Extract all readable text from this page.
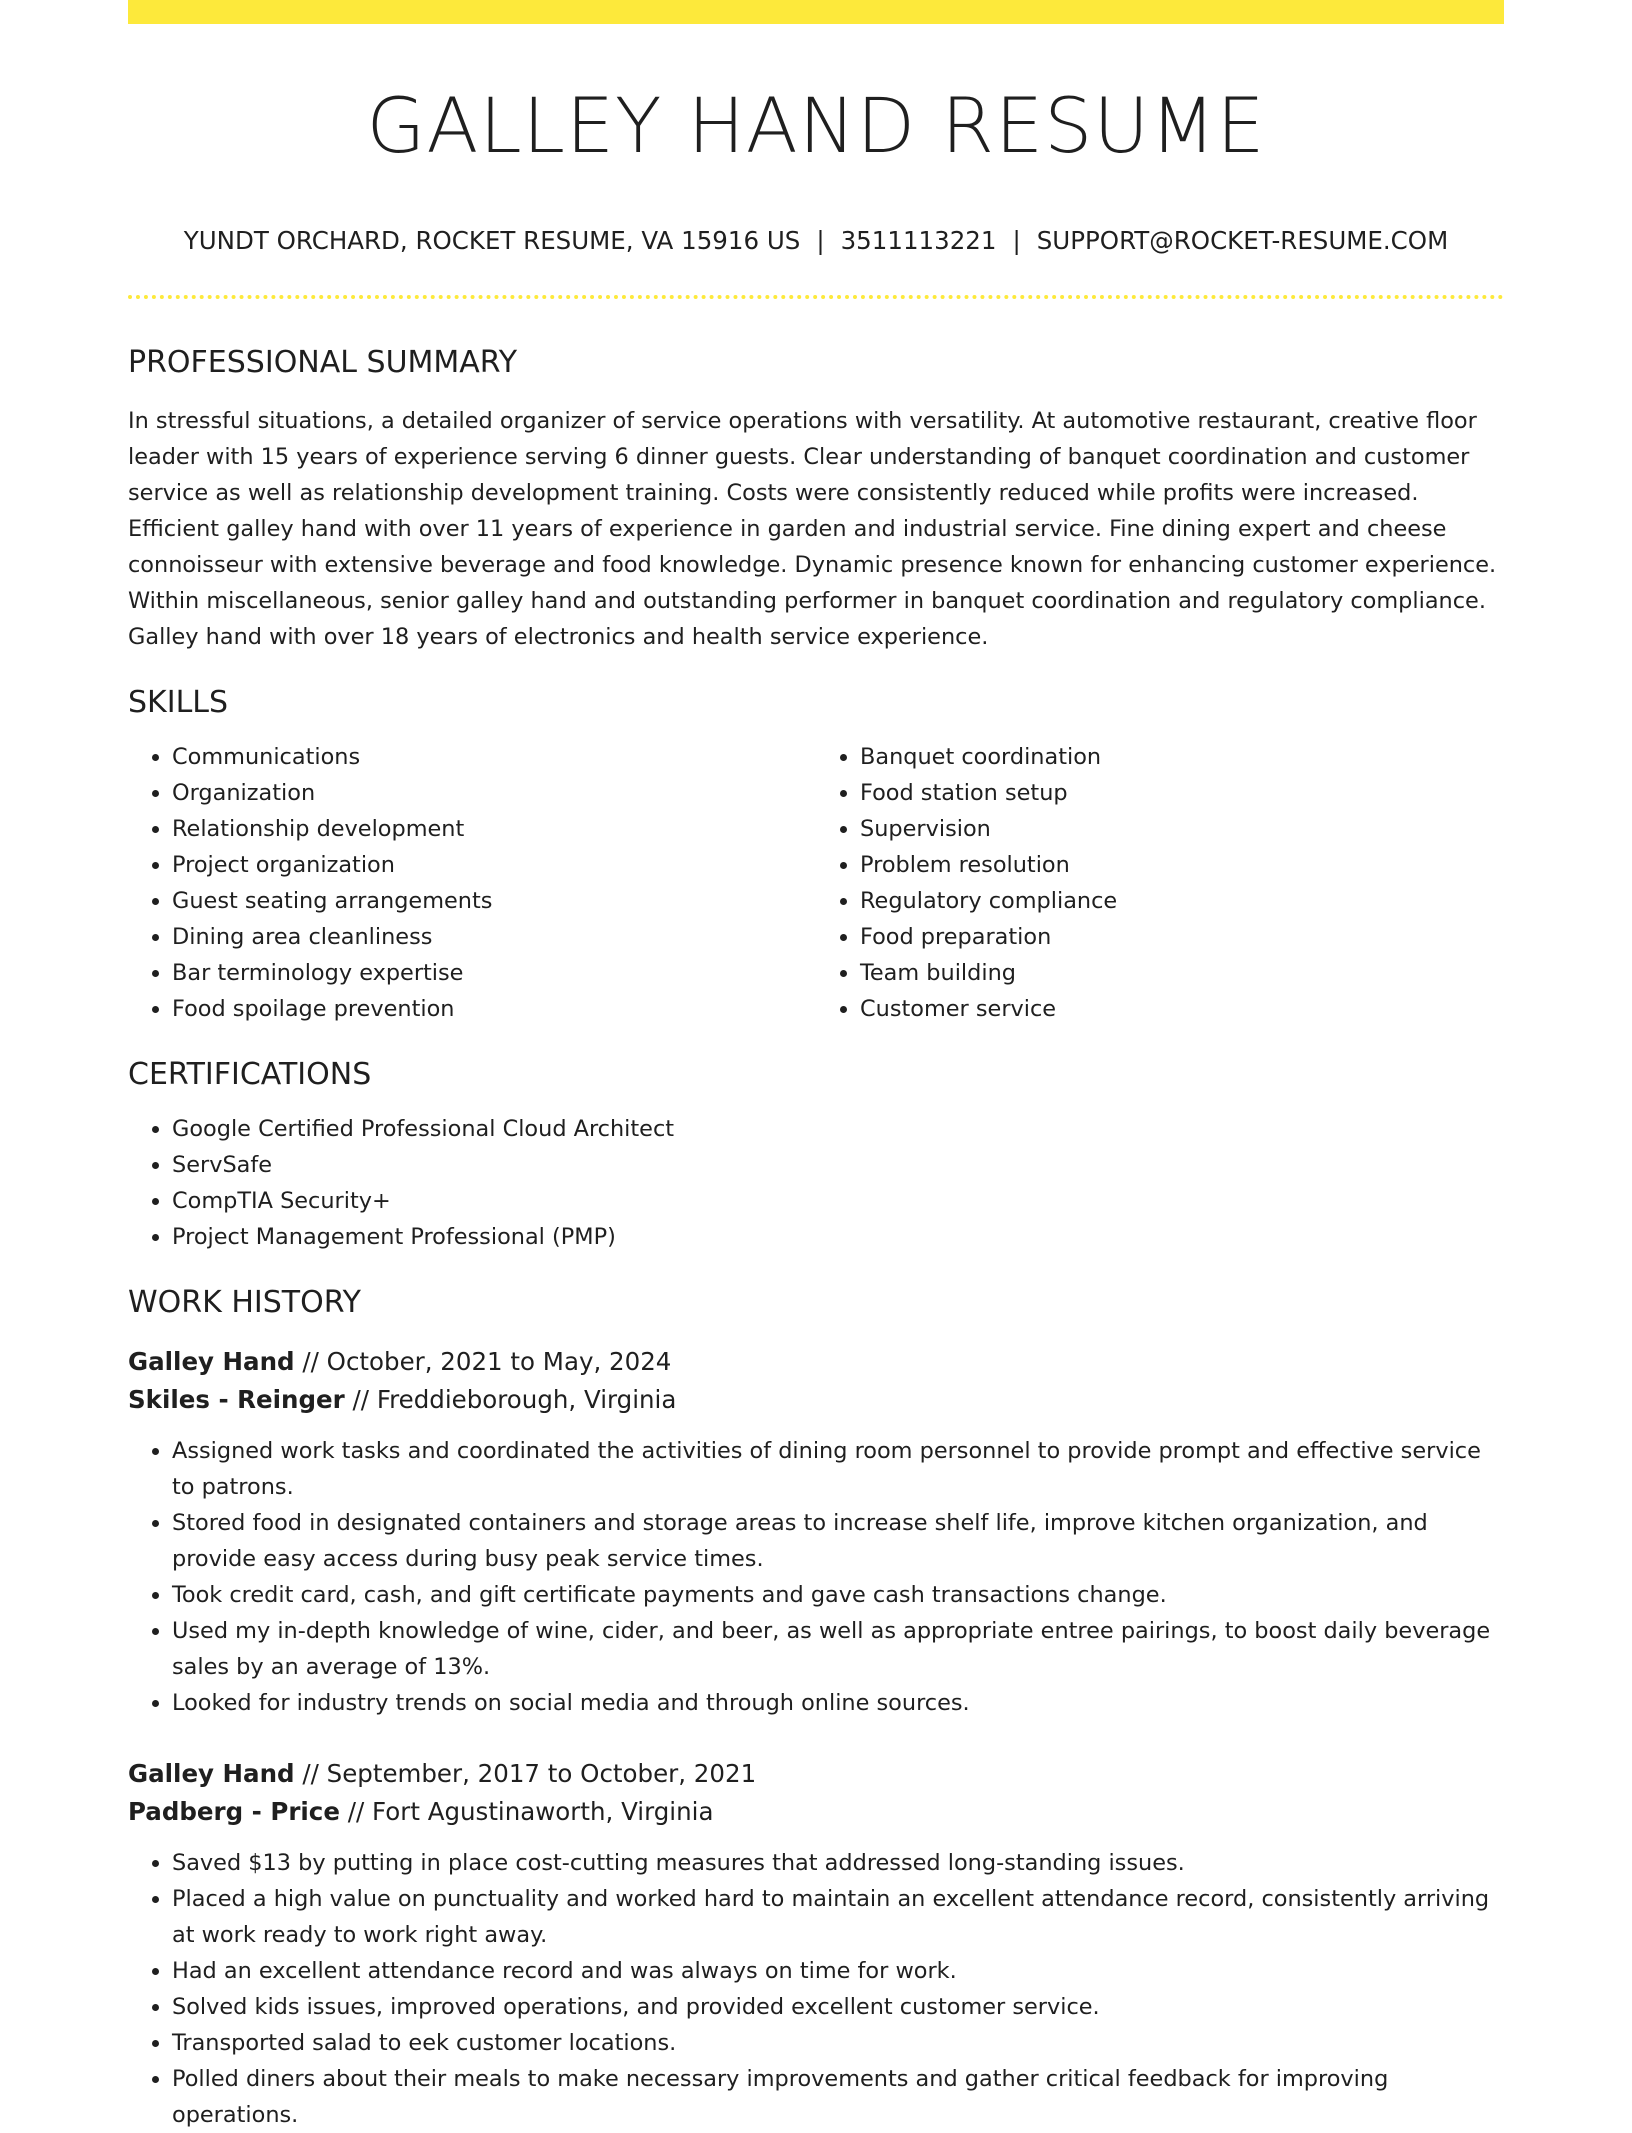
GALLEY HAND RESUME
YUNDT ORCHARD, ROCKET RESUME, VA 15916 US | 3511113221 | SUPPORT@ROCKET-RESUME.COM
PROFESSIONAL SUMMARY

In stressful situations, a detailed organizer of service operations with versatility. At automotive restaurant, creative floor leader with 15 years of experience serving 6 dinner guests. Clear understanding of banquet coordination and customer service as well as relationship development training. Costs were consistently reduced while profits were increased. Efficient galley hand with over 11 years of experience in garden and industrial service. Fine dining expert and cheese connoisseur with extensive beverage and food knowledge. Dynamic presence known for enhancing customer experience. Within miscellaneous, senior galley hand and outstanding performer in banquet coordination and regulatory compliance. Galley hand with over 18 years of electronics and health service experience.

SKILLS
• Communications
• Organization
• Relationship development
• Project organization
• Guest seating arrangements
• Dining area cleanliness
• Bar terminology expertise
• Food spoilage prevention
• Banquet coordination
• Food station setup
• Supervision
• Problem resolution
• Regulatory compliance
• Food preparation
• Team building
• Customer service
CERTIFICATIONS
• Google Certified Professional Cloud Architect
• ServSafe
• CompTIA Security+
• Project Management Professional (PMP)
WORK HISTORY
Galley Hand // October, 2021 to May, 2024
Skiles - Reinger // Freddieborough, Virginia
• Assigned work tasks and coordinated the activities of dining room personnel to provide prompt and effective service to patrons.
• Stored food in designated containers and storage areas to increase shelf life, improve kitchen organization, and provide easy access during busy peak service times.
• Took credit card, cash, and gift certificate payments and gave cash transactions change.
• Used my in-depth knowledge of wine, cider, and beer, as well as appropriate entree pairings, to boost daily beverage sales by an average of 13%.
• Looked for industry trends on social media and through online sources.
Galley Hand // September, 2017 to October, 2021
Padberg - Price // Fort Agustinaworth, Virginia
• Saved $13 by putting in place cost-cutting measures that addressed long-standing issues.
• Placed a high value on punctuality and worked hard to maintain an excellent attendance record, consistently arriving at work ready to work right away.
• Had an excellent attendance record and was always on time for work.
• Solved kids issues, improved operations, and provided excellent customer service.
• Transported salad to eek customer locations.
• Polled diners about their meals to make necessary improvements and gather critical feedback for improving operations.
